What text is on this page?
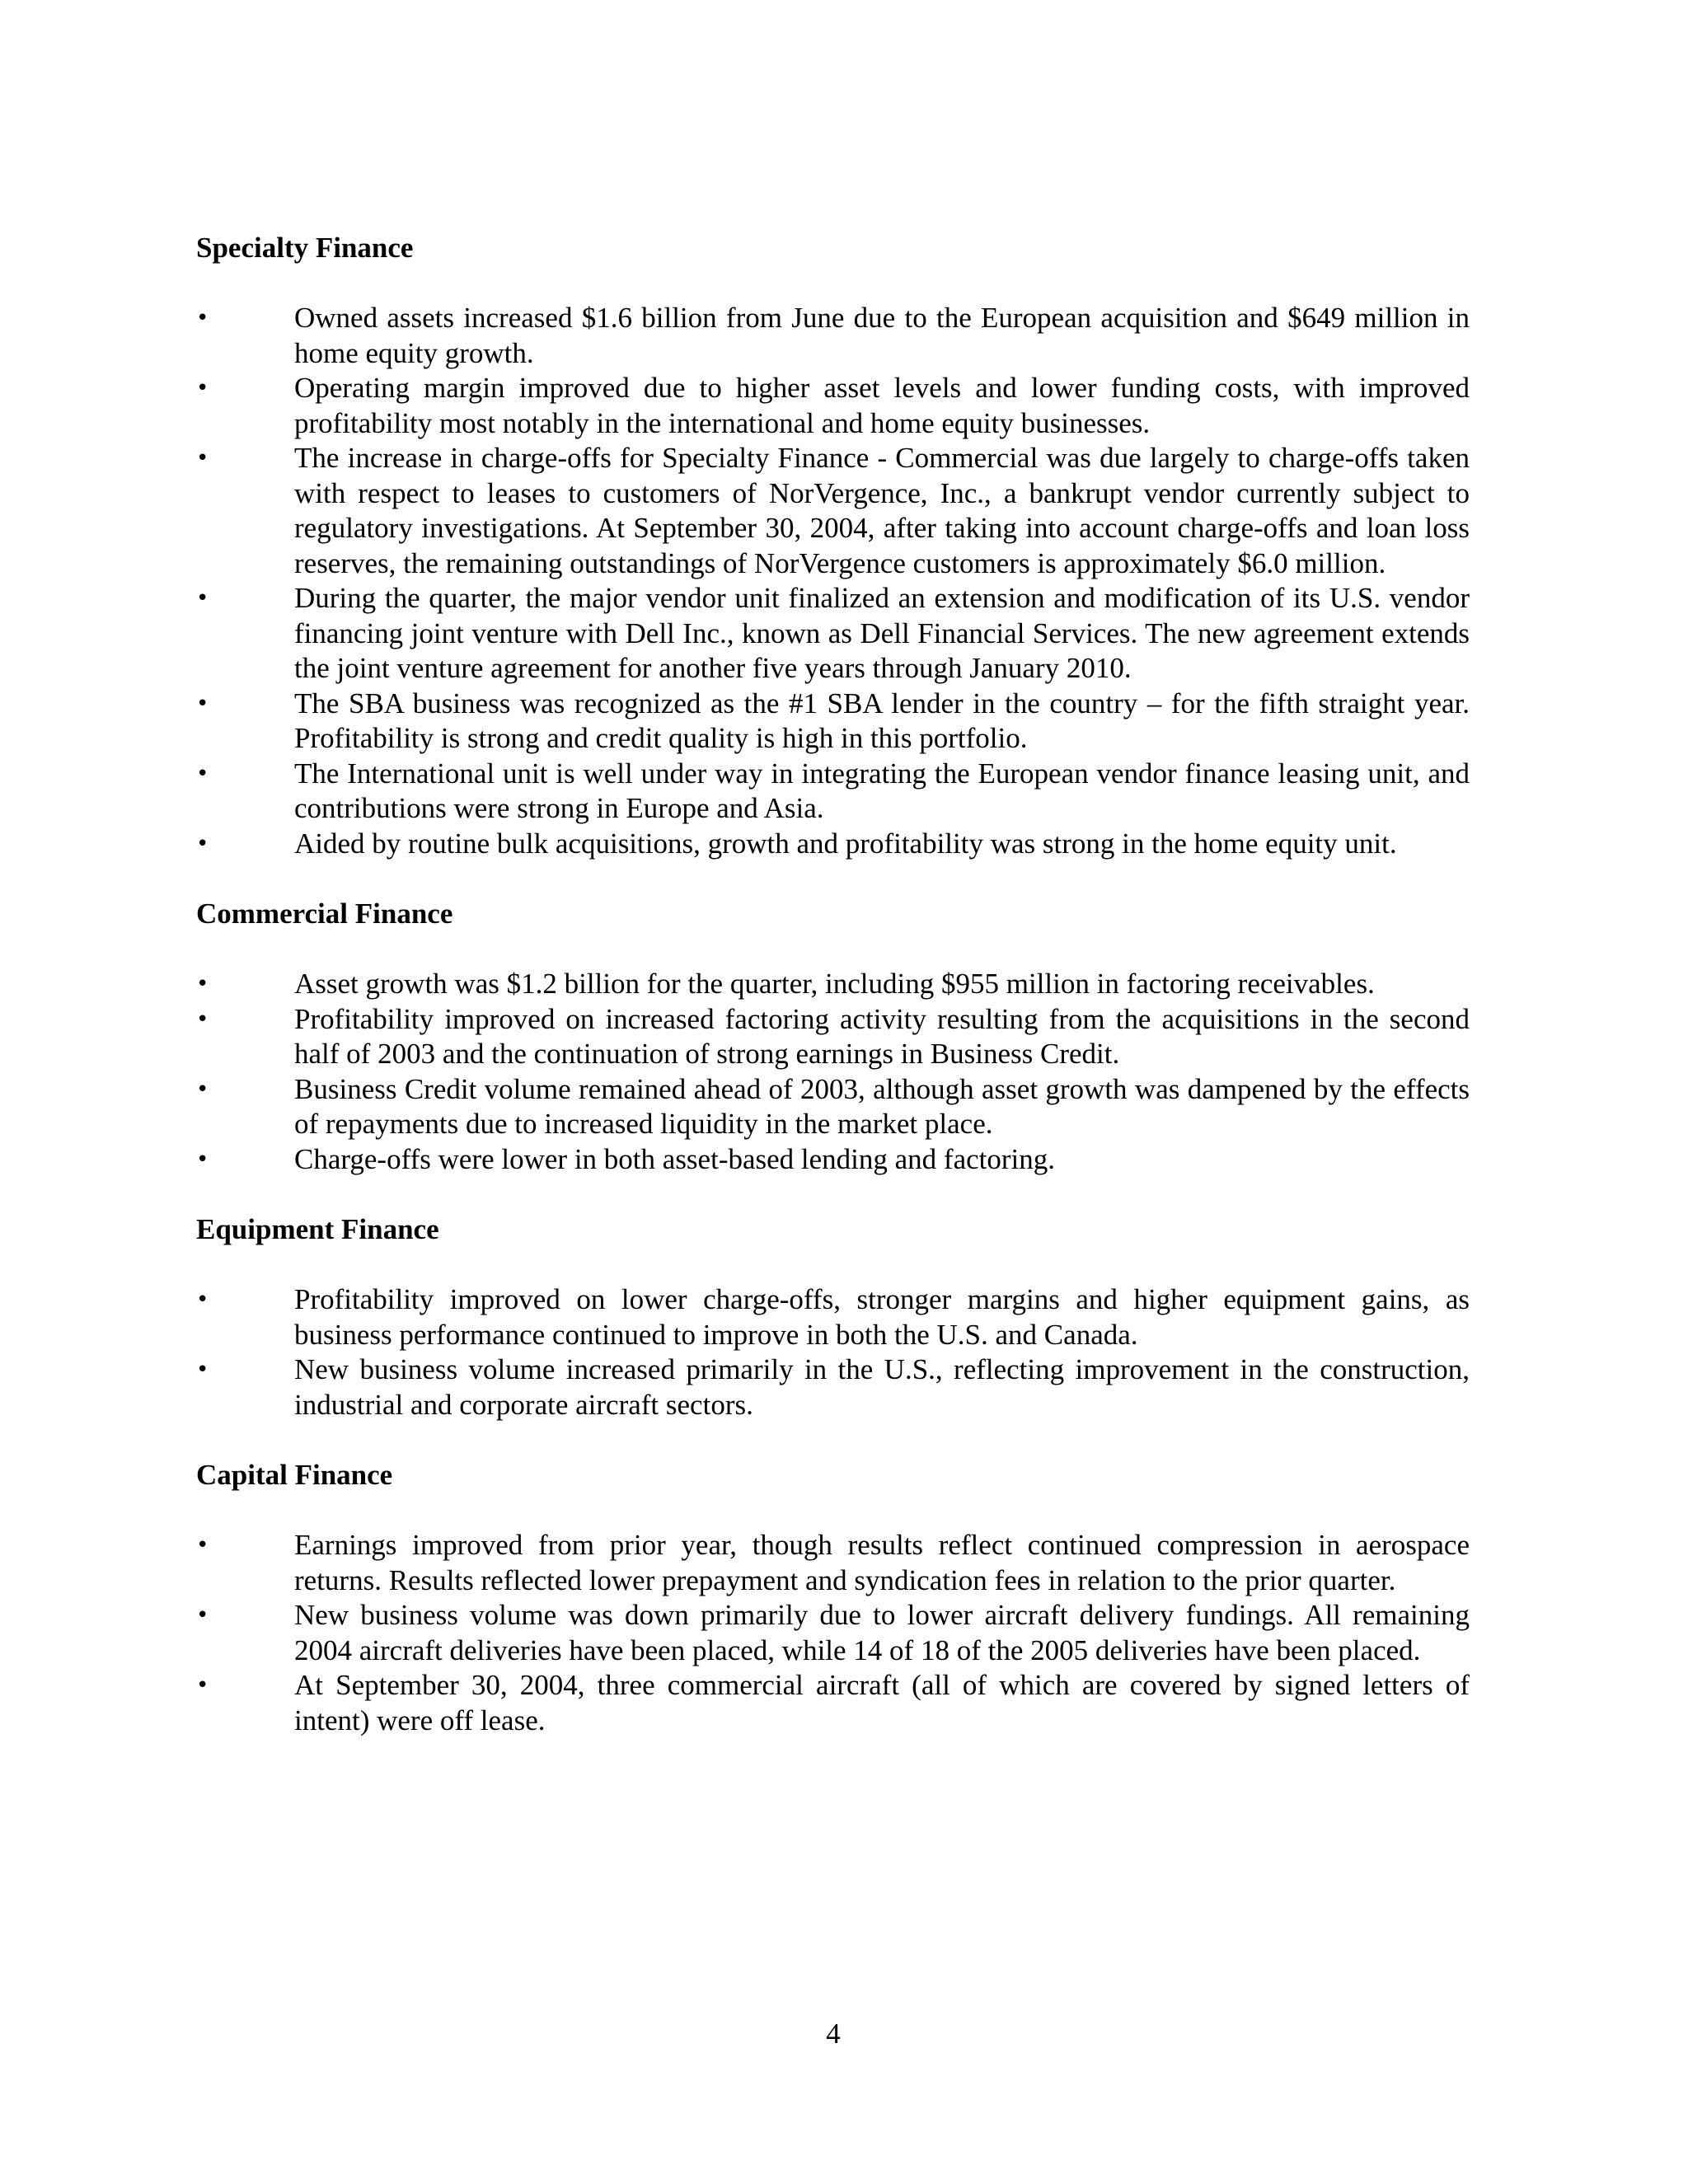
Specialty Finance
•	Owned assets increased $1.6 billion from June due to the European acquisition and $649 million in home equity growth.
•	Operating margin improved due to higher asset levels and lower funding costs, with improved profitability most notably in the international and home equity businesses.
•	The increase in charge-offs for Specialty Finance - Commercial was due largely to charge-offs taken with respect to leases to customers of NorVergence, Inc., a bankrupt vendor currently subject to regulatory investigations. At September 30, 2004, after taking into account charge-offs and loan loss reserves, the remaining outstandings of NorVergence customers is approximately $6.0 million.
•	During the quarter, the major vendor unit finalized an extension and modification of its U.S. vendor financing joint venture with Dell Inc., known as Dell Financial Services. The new agreement extends the joint venture agreement for another five years through January 2010.
•	The SBA business was recognized as the #1 SBA lender in the country – for the fifth straight year. Profitability is strong and credit quality is high in this portfolio.
•	The International unit is well under way in integrating the European vendor finance leasing unit, and contributions were strong in Europe and Asia.
•	Aided by routine bulk acquisitions, growth and profitability was strong in the home equity unit.
Commercial Finance
•	Asset growth was $1.2 billion for the quarter, including $955 million in factoring receivables.
•	Profitability improved on increased factoring activity resulting from the acquisitions in the second half of 2003 and the continuation of strong earnings in Business Credit.
•	Business Credit volume remained ahead of 2003, although asset growth was dampened by the effects of repayments due to increased liquidity in the market place.
•	Charge-offs were lower in both asset-based lending and factoring.
Equipment Finance
•	Profitability improved on lower charge-offs, stronger margins and higher equipment gains, as business performance continued to improve in both the U.S. and Canada.
•	New business volume increased primarily in the U.S., reflecting improvement in the construction, industrial and corporate aircraft sectors.
Capital Finance
•	Earnings improved from prior year, though results reflect continued compression in aerospace returns. Results reflected lower prepayment and syndication fees in relation to the prior quarter.
•	New business volume was down primarily due to lower aircraft delivery fundings. All remaining 2004 aircraft deliveries have been placed, while 14 of 18 of the 2005 deliveries have been placed.
•	At September 30, 2004, three commercial aircraft (all of which are covered by signed letters of intent) were off lease.
4
